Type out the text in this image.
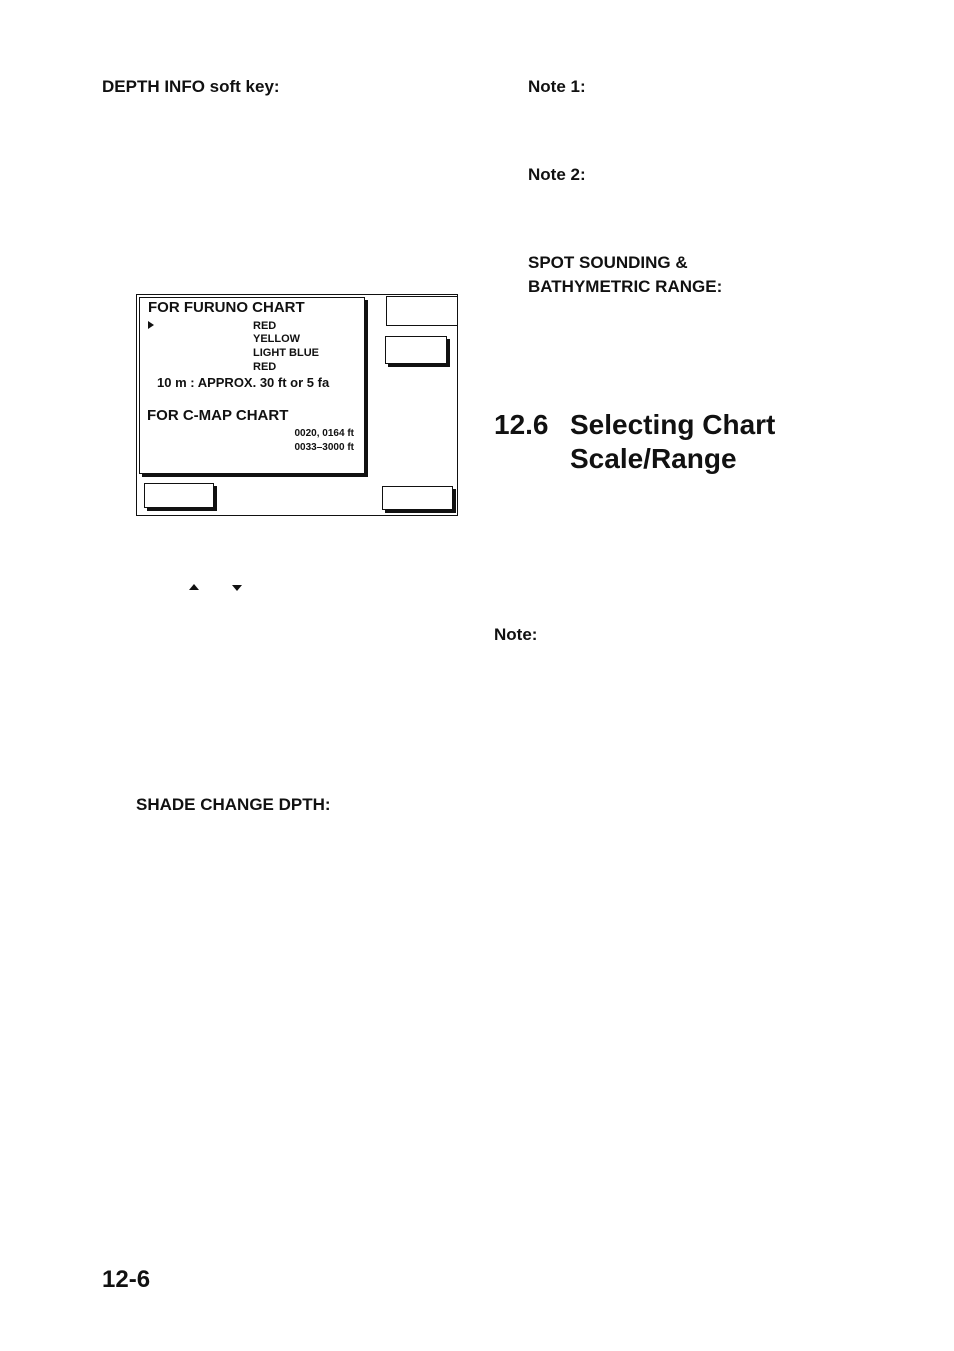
DEPTH INFO soft key:	Note 1:
Note 2:
SPOT SOUNDING &
BATHYMETRIC RANGE:
12.6 Selecting Chart
Scale/Range
Note:
FOR FURUNO CHART
RED
YELLOW
LIGHT BLUE
RED
10 m : APPROX. 30 ft or 5 fa
FOR C-MAP CHART
0020, 0164 ft
0033–3000 ft
SHADE CHANGE DPTH:
12-6
